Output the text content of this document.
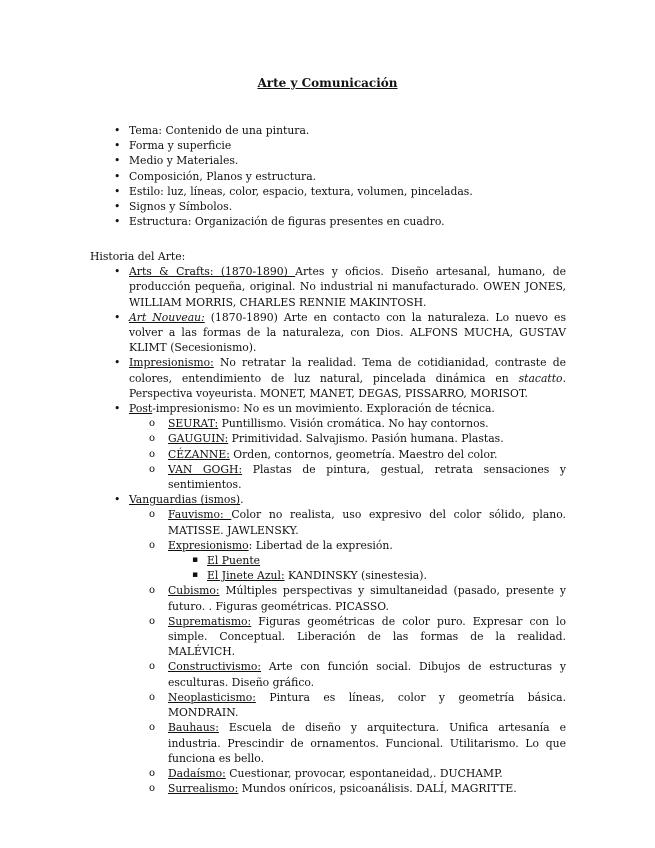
Arte y Comunicación
• Tema: Contenido de una pintura.
• Forma y superficie
• Medio y Materiales.
• Composición, Planos y estructura.
• Estilo: luz, líneas, color, espacio, textura, volumen, pinceladas.
• Signos y Símbolos.
• Estructura: Organización de figuras presentes en cuadro.

Historia del Arte:

• Arts & Crafts: (1870-1890) Artes y oficios. Diseño artesanal, humano, de producción pequeña, original. No industrial ni manufacturado. OWEN JONES, WILLIAM MORRIS, CHARLES RENNIE MAKINTOSH.
• Art Nouveau: (1870-1890) Arte en contacto con la naturaleza. Lo nuevo es volver a las formas de la naturaleza, con Dios. ALFONS MUCHA, GUSTAV KLIMT (Secesionismo).
• Impresionismo: No retratar la realidad. Tema de cotidianidad, contraste de colores, entendimiento de luz natural, pincelada dinámica en stacatto. Perspectiva voyeurista. MONET, MANET, DEGAS, PISSARRO, MORISOT.
• Post-impresionismo: No es un movimiento. Exploración de técnica.
o SEURAT: Puntillismo. Visión cromática. No hay contornos.
o GAUGUIN: Primitividad. Salvajismo. Pasión humana. Plastas.
o CÉZANNE: Orden, contornos, geometría. Maestro del color.
o VAN GOGH: Plastas de pintura, gestual, retrata sensaciones y sentimientos.
• Vanguardias (ismos).
o Fauvismo: Color no realista, uso expresivo del color sólido, plano. MATISSE. JAWLENSKY.
o Expresionismo: Libertad de la expresión.
▪ El Puente
▪ El Jinete Azul: KANDINSKY (sinestesia).
o Cubismo: Múltiples perspectivas y simultaneidad (pasado, presente y futuro. . Figuras geométricas. PICASSO.
o Suprematismo: Figuras geométricas de color puro. Expresar con lo simple. Conceptual. Liberación de las formas de la realidad. MALÉVICH.
o Constructivismo: Arte con función social. Dibujos de estructuras y esculturas. Diseño gráfico.
o Neoplasticismo: Pintura es líneas, color y geometría básica. MONDRAIN.
o Bauhaus: Escuela de diseño y arquitectura. Unifica artesanía e industria. Prescindir de ornamentos. Funcional. Utilitarismo. Lo que funciona es bello.
o Dadaísmo: Cuestionar, provocar, espontaneidad,. DUCHAMP.
o Surrealismo: Mundos oníricos, psicoanálisis. DALÍ, MAGRITTE.
